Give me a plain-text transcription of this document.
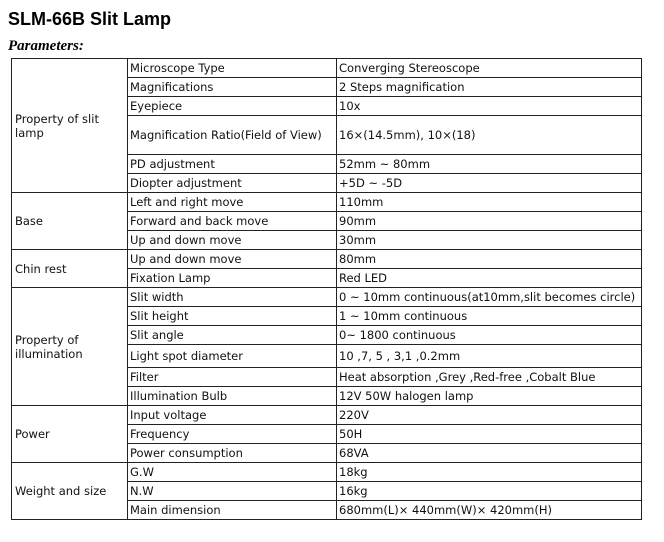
SLM-66B Slit Lamp
Parameters:
Property of slit lamp	Microscope Type	Converging Stereoscope
	Magnifications	2 Steps magnification
	Eyepiece	10x
	Magnification Ratio(Field of View)	16×(14.5mm), 10×(18)
	PD adjustment	52mm ~ 80mm
	Diopter adjustment	+5D ~ -5D
Base	Left and right move	110mm
	Forward and back move	90mm
	Up and down move	30mm
Chin rest	Up and down move	80mm
	Fixation Lamp	Red LED
Property of illumination	Slit width	0 ~ 10mm continuous(at10mm,slit becomes circle)
	Slit height	1 ~ 10mm continuous
	Slit angle	0~ 1800 continuous
	Light spot diameter	10 ,7, 5 , 3,1 ,0.2mm
	Filter	Heat absorption ,Grey ,Red-free ,Cobalt Blue
	Illumination Bulb	12V 50W halogen lamp
Power	Input voltage	220V
	Frequency	50H
	Power consumption	68VA
Weight and size	G.W	18kg
	N.W	16kg
	Main dimension	680mm(L)× 440mm(W)× 420mm(H)
